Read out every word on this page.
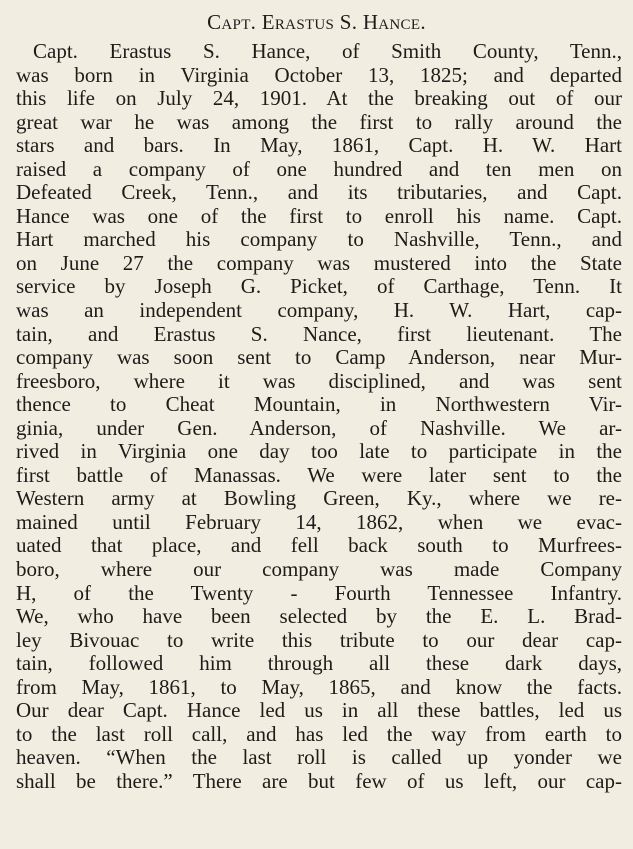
Capt. Erastus S. Hance.
Capt. Erastus S. Hance, of Smith County, Tenn.,
was born in Virginia October 13, 1825; and departed
this life on July 24, 1901. At the breaking out of our
great war he was among the first to rally around the
stars and bars. In May, 1861, Capt. H. W. Hart
raised a company of one hundred and ten men on
Defeated Creek, Tenn., and its tributaries, and Capt.
Hance was one of the first to enroll his name. Capt.
Hart marched his company to Nashville, Tenn., and
on June 27 the company was mustered into the State
service by Joseph G. Picket, of Carthage, Tenn. It
was an independent company, H. W. Hart, cap-
tain, and Erastus S. Nance, first lieutenant. The
company was soon sent to Camp Anderson, near Mur-
freesboro, where it was disciplined, and was sent
thence to Cheat Mountain, in Northwestern Vir-
ginia, under Gen. Anderson, of Nashville. We ar-
rived in Virginia one day too late to participate in the
first battle of Manassas. We were later sent to the
Western army at Bowling Green, Ky., where we re-
mained until February 14, 1862, when we evac-
uated that place, and fell back south to Murfrees-
boro, where our company was made Company
H, of the Twenty - Fourth Tennessee Infantry.
We, who have been selected by the E. L. Brad-
ley Bivouac to write this tribute to our dear cap-
tain, followed him through all these dark days,
from May, 1861, to May, 1865, and know the facts.
Our dear Capt. Hance led us in all these battles, led us
to the last roll call, and has led the way from earth to
heaven. “When the last roll is called up yonder we
shall be there.” There are but few of us left, our cap-
